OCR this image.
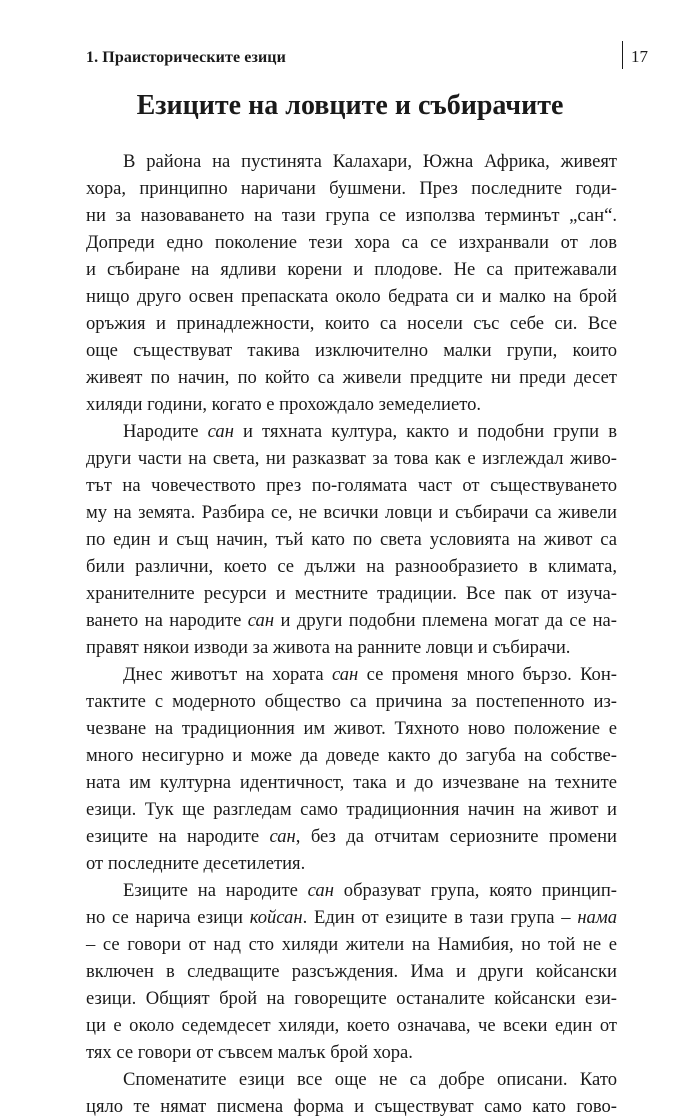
1. Праисторическите езици	17
Езиците на ловците и събирачите
В района на пустинята Калахари, Южна Африка, живеят
хора, принципно наричани бушмени. През последните годи-
ни за назоваването на тази група се използва терминът „сан“.
Допреди едно поколение тези хора са се изхранвали от лов
и събиране на ядливи корени и плодове. Не са притежавали
нищо друго освен препаската около бедрата си и малко на брой
оръжия и принадлежности, които са носели със себе си. Все
още съществуват такива изключително малки групи, които
живеят по начин, по който са живели предците ни преди десет
хиляди години, когато е прохождало земеделието.
Народите сан и тяхната култура, както и подобни групи в
други части на света, ни разказват за това как е изглеждал живо-
тът на човечеството през по-голямата част от съществуването
му на земята. Разбира се, не всички ловци и събирачи са живели
по един и същ начин, тъй като по света условията на живот са
били различни, което се дължи на разнообразието в климата,
хранителните ресурси и местните традиции. Все пак от изуча-
ването на народите сан и други подобни племена могат да се на-
правят някои изводи за живота на ранните ловци и събирачи.
Днес животът на хората сан се променя много бързо. Кон-
тактите с модерното общество са причина за постепенното из-
чезване на традиционния им живот. Тяхното ново положение е
много несигурно и може да доведе както до загуба на собстве-
ната им културна идентичност, така и до изчезване на техните
езици. Тук ще разгледам само традиционния начин на живот и
езиците на народите сан, без да отчитам сериозните промени
от последните десетилетия.
Езиците на народите сан образуват група, която принцип-
но се нарича езици койсан. Един от езиците в тази група – нама
– се говори от над сто хиляди жители на Намибия, но той не е
включен в следващите разсъждения. Има и други койсански
езици. Общият брой на говорещите останалите койсански ези-
ци е около седемдесет хиляди, което означава, че всеки един от
тях се говори от съвсем малък брой хора.
Споменатите езици все още не са добре описани. Като
цяло те нямат писмена форма и съществуват само като гово-
